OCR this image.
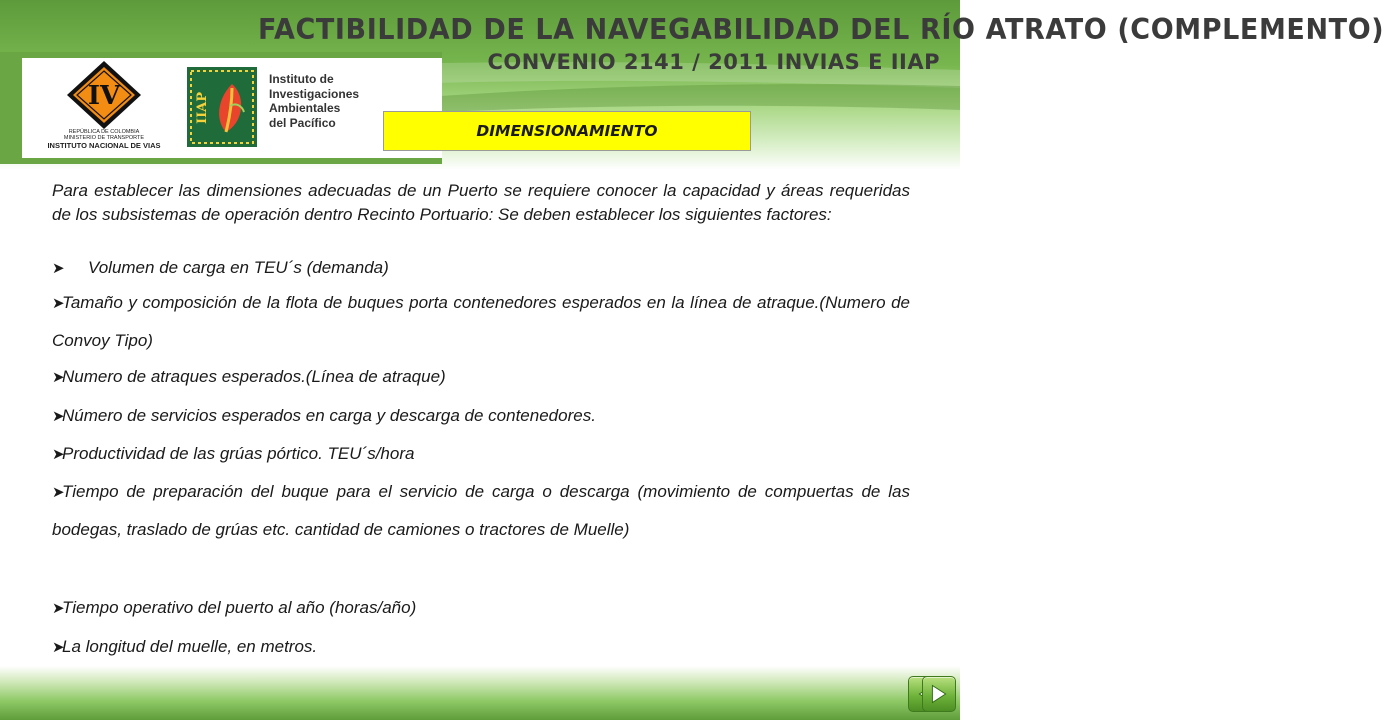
FACTIBILIDAD DE LA NAVEGABILIDAD DEL RÍO ATRATO (COMPLEMENTO)
CONVENIO 2141 / 2011 INVIAS E IIAP
IV
REPÚBLICA DE COLOMBIA
MINISTERIO DE TRANSPORTE
INSTITUTO NACIONAL DE VIAS
IIAP
Instituto de
Investigaciones
Ambientales
del Pacífico	DIMENSIONAMIENTO
Para establecer las dimensiones adecuadas de un Puerto se requiere conocer la capacidad y áreas requeridas de los subsistemas de operación dentro Recinto Portuario: Se deben establecer los siguientes factores:
➤ Volumen de carga en TEU´s (demanda)
➤Tamaño y composición de la flota de buques porta contenedores esperados en la línea de atraque.(Numero de Convoy Tipo)
➤Numero de atraques esperados.(Línea de atraque)
➤Número de servicios esperados en carga y descarga de contenedores.
➤Productividad de las grúas pórtico. TEU´s/hora
➤Tiempo de preparación del buque para el servicio de carga o descarga (movimiento de compuertas de las bodegas, traslado de grúas etc. cantidad de camiones o tractores de Muelle)
➤Tiempo operativo del puerto al año (horas/año)
➤La longitud del muelle, en metros.
